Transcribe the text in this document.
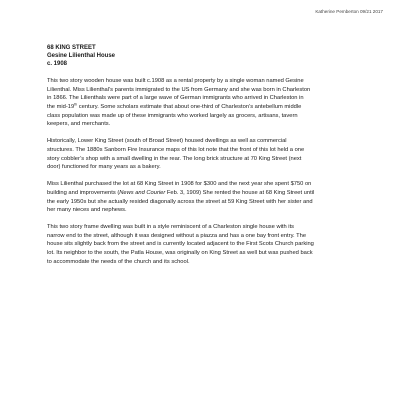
Katherine Pemberton 09/21 2017
68 KING STREET
Gesine Lilienthal House
c. 1908

This two story wooden house was built c.1908 as a rental property by a single woman named Gesine
Lilienthal. Miss Lilienthal’s parents immigrated to the US from Germany and she was born in Charleston
in 1866. The Lilienthals were part of a large wave of German immigrants who arrived in Charleston in
the mid-19th century. Some scholars estimate that about one-third of Charleston’s antebellum middle
class population was made up of these immigrants who worked largely as grocers, artisans, tavern
keepers, and merchants.

Historically, Lower King Street (south of Broad Street) housed dwellings as well as commercial
structures. The 1880s Sanborn Fire Insurance maps of this lot note that the front of this lot held a one
story cobbler’s shop with a small dwelling in the rear. The long brick structure at 70 King Street (next
door) functioned for many years as a bakery.

Miss Lilienthal purchased the lot at 68 King Street in 1908 for $300 and the next year she spent $750 on
building and improvements (News and Courier Feb. 3, 1909) She rented the house at 68 King Street until
the early 1950s but she actually resided diagonally across the street at 59 King Street with her sister and
her many nieces and nephews.

This two story frame dwelling was built in a style reminiscent of a Charleston single house with its
narrow end to the street, although it was designed without a piazza and has a one bay front entry. The
house sits slightly back from the street and is currently located adjacent to the First Scots Church parking
lot. Its neighbor to the south, the Patla House, was originally on King Street as well but was pushed back
to accommodate the needs of the church and its school.
